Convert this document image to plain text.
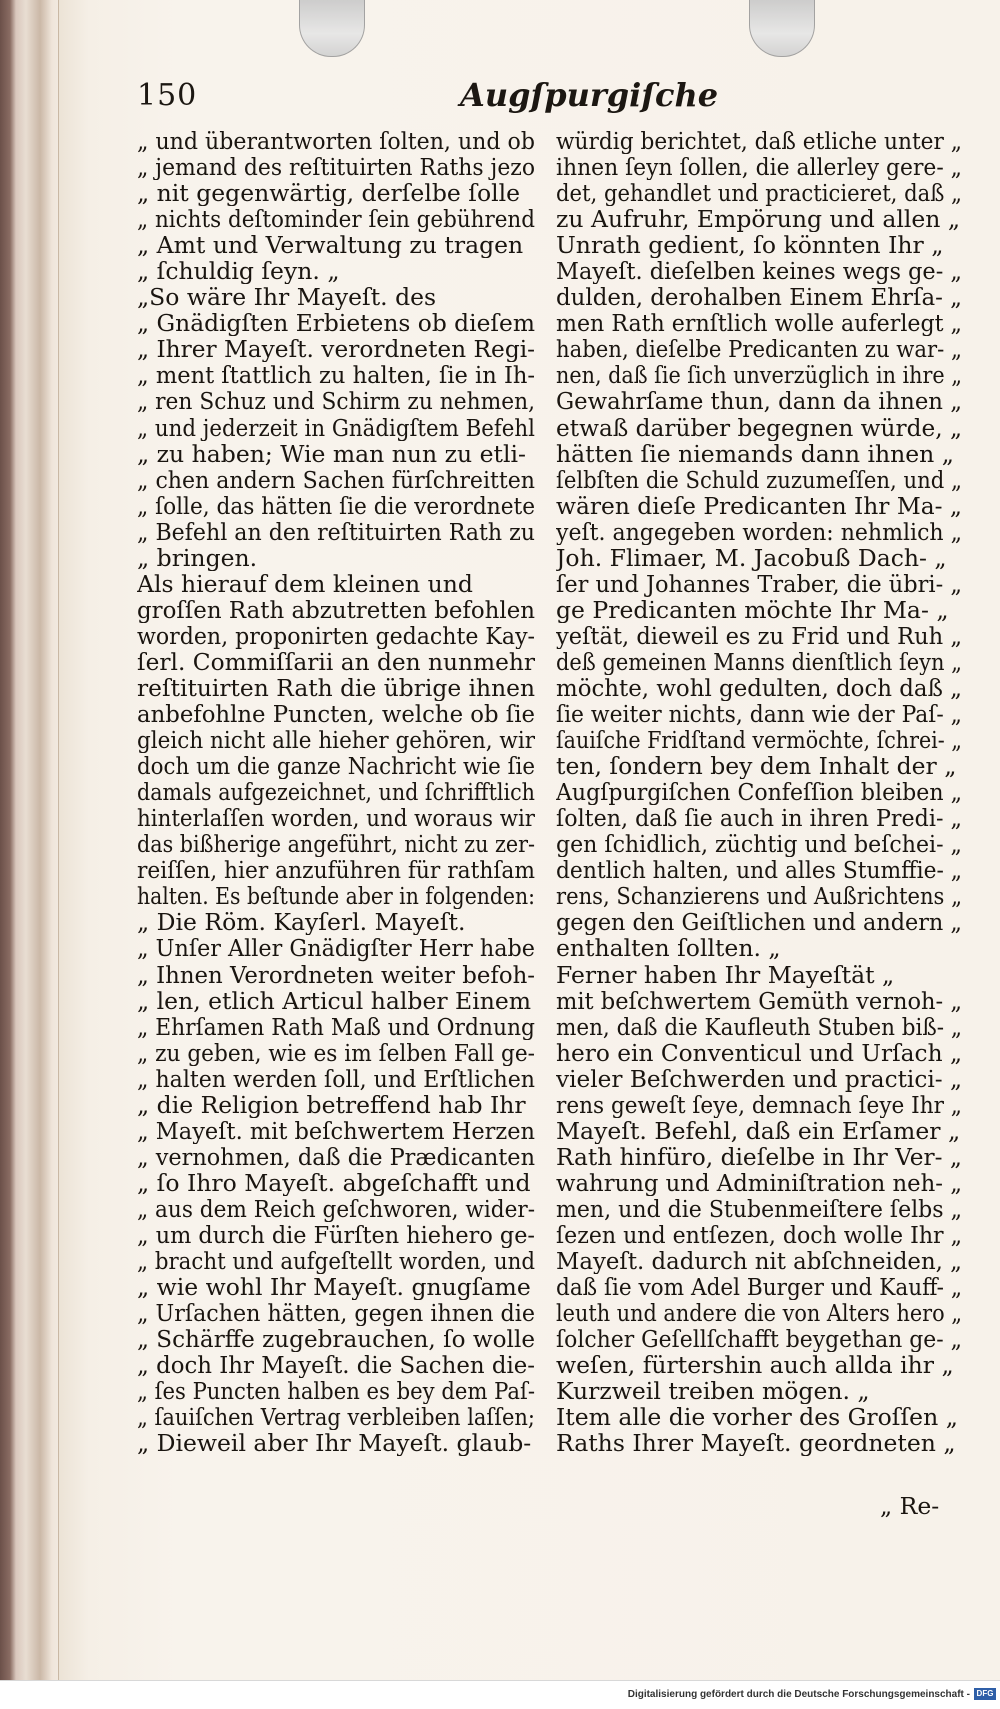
150	Augſpurgiſche
„ und überantworten ſolten, und ob
„ jemand des reſtituirten Raths jezo
„ nit gegenwärtig, derſelbe ſolle
„ nichts deſtominder ſein gebührend
„ Amt und Verwaltung zu tragen
„ ſchuldig ſeyn. „
„So wäre Ihr Mayeſt. des
„ Gnädigſten Erbietens ob dieſem
„ Ihrer Mayeſt. verordneten Regi-
„ ment ſtattlich zu halten, ſie in Ih-
„ ren Schuz und Schirm zu nehmen,
„ und jederzeit in Gnädigſtem Befehl
„ zu haben; Wie man nun zu etli-
„ chen andern Sachen fürſchreitten
„ ſolle, das hätten ſie die verordnete
„ Befehl an den reſtituirten Rath zu
„ bringen.
Als hierauf dem kleinen und
groſſen Rath abzutretten befohlen
worden, proponirten gedachte Kay-
ſerl. Commiſſarii an den nunmehr
reſtituirten Rath die übrige ihnen
anbefohlne Puncten, welche ob ſie
gleich nicht alle hieher gehören, wir
doch um die ganze Nachricht wie ſie
damals aufgezeichnet, und ſchrifftlich
hinterlaſſen worden, und woraus wir
das bißherige angeführt, nicht zu zer-
reiſſen, hier anzuführen für rathſam
halten. Es beſtunde aber in folgenden:
„ Die Röm. Kayſerl. Mayeſt.
„ Unſer Aller Gnädigſter Herr habe
„ Ihnen Verordneten weiter befoh-
„ len, etlich Articul halber Einem
„ Ehrſamen Rath Maß und Ordnung
„ zu geben, wie es im ſelben Fall ge-
„ halten werden ſoll, und Erſtlichen
„ die Religion betreffend hab Ihr
„ Mayeſt. mit beſchwertem Herzen
„ vernohmen, daß die Prædicanten
„ ſo Ihro Mayeſt. abgeſchafft und
„ aus dem Reich geſchworen, wider-
„ um durch die Fürſten hiehero ge-
„ bracht und aufgeſtellt worden, und
„ wie wohl Ihr Mayeſt. gnugſame
„ Urſachen hätten, gegen ihnen die
„ Schärffe zugebrauchen, ſo wolle
„ doch Ihr Mayeſt. die Sachen die-
„ ſes Puncten halben es bey dem Paſ-
„ ſauiſchen Vertrag verbleiben laſſen;
„ Dieweil aber Ihr Mayeſt. glaub-
würdig berichtet, daß etliche unter „
ihnen ſeyn ſollen, die allerley gere- „
det, gehandlet und practicieret, daß „
zu Aufruhr, Empörung und allen „
Unrath gedient, ſo könnten Ihr „
Mayeſt. dieſelben keines wegs ge- „
dulden, derohalben Einem Ehrſa- „
men Rath ernſtlich wolle auferlegt „
haben, dieſelbe Predicanten zu war- „
nen, daß ſie ſich unverzüglich in ihre „
Gewahrſame thun, dann da ihnen „
etwaß darüber begegnen würde, „
hätten ſie niemands dann ihnen „
ſelbſten die Schuld zuzumeſſen, und „
wären dieſe Predicanten Ihr Ma- „
yeſt. angegeben worden: nehmlich „
Joh. Flimaer, M. Jacobuß Dach- „
ſer und Johannes Traber, die übri- „
ge Predicanten möchte Ihr Ma- „
yeſtät, dieweil es zu Frid und Ruh „
deß gemeinen Manns dienſtlich ſeyn „
möchte, wohl gedulten, doch daß „
ſie weiter nichts, dann wie der Paſ- „
ſauiſche Fridſtand vermöchte, ſchrei- „
ten, ſondern bey dem Inhalt der „
Augſpurgiſchen Confeſſion bleiben „
ſolten, daß ſie auch in ihren Predi- „
gen ſchidlich, züchtig und beſchei- „
dentlich halten, und alles Stumffie- „
rens, Schanzierens und Außrichtens „
gegen den Geiſtlichen und andern „
enthalten ſollten. „
Ferner haben Ihr Mayeſtät „
mit beſchwertem Gemüth vernoh- „
men, daß die Kaufleuth Stuben biß- „
hero ein Conventicul und Urſach „
vieler Beſchwerden und practici- „
rens geweſt ſeye, demnach ſeye Ihr „
Mayeſt. Befehl, daß ein Erſamer „
Rath hinfüro, dieſelbe in Ihr Ver- „
wahrung und Adminiſtration neh- „
men, und die Stubenmeiſtere ſelbs „
ſezen und entſezen, doch wolle Ihr „
Mayeſt. dadurch nit abſchneiden, „
daß ſie vom Adel Burger und Kauff- „
leuth und andere die von Alters hero „
ſolcher Geſellſchafft beygethan ge- „
weſen, fürtershin auch allda ihr „
Kurzweil treiben mögen. „
Item alle die vorher des Groſſen „
Raths Ihrer Mayeſt. geordneten „
„ Re-
Digitalisierung gefördert durch die Deutsche Forschungsgemeinschaft - DFG
